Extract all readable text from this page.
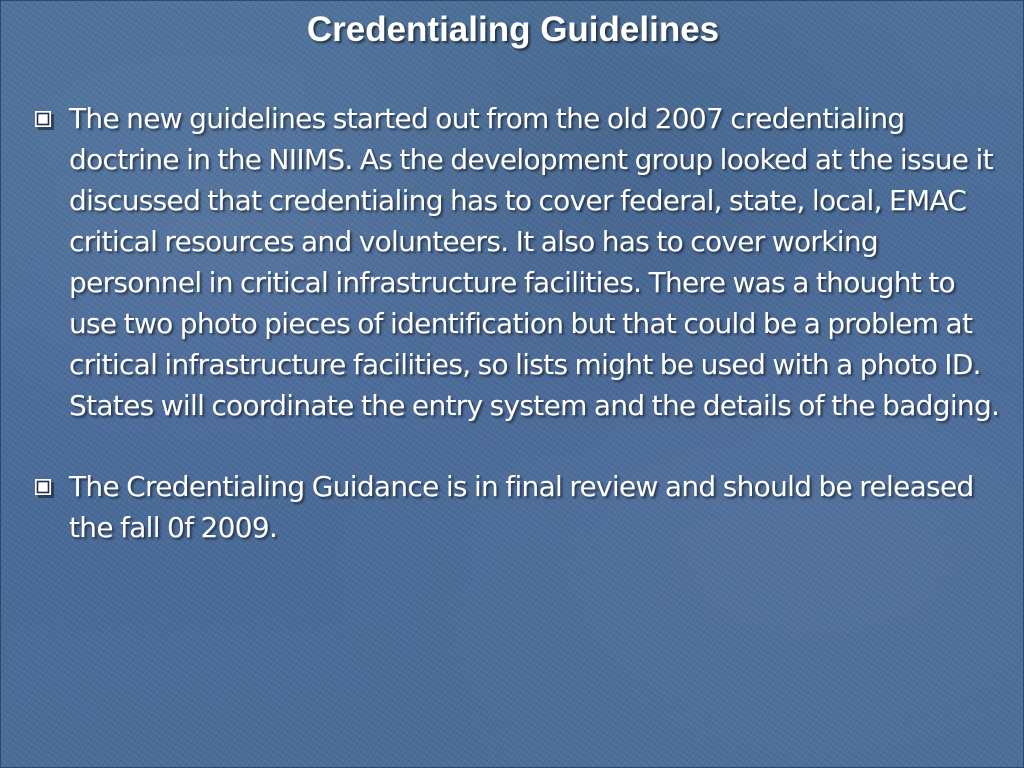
Credentialing Guidelines
The new guidelines started out from the old 2007 credentialing doctrine in the NIIMS. As the development group looked at the issue it discussed that credentialing has to cover federal, state, local, EMAC critical resources and volunteers. It also has to cover working personnel in critical infrastructure facilities. There was a thought to use two photo pieces of identification but that could be a problem at critical infrastructure facilities, so lists might be used with a photo ID. States will coordinate the entry system and the details of the badging.
The Credentialing Guidance is in final review and should be released the fall 0f 2009.
